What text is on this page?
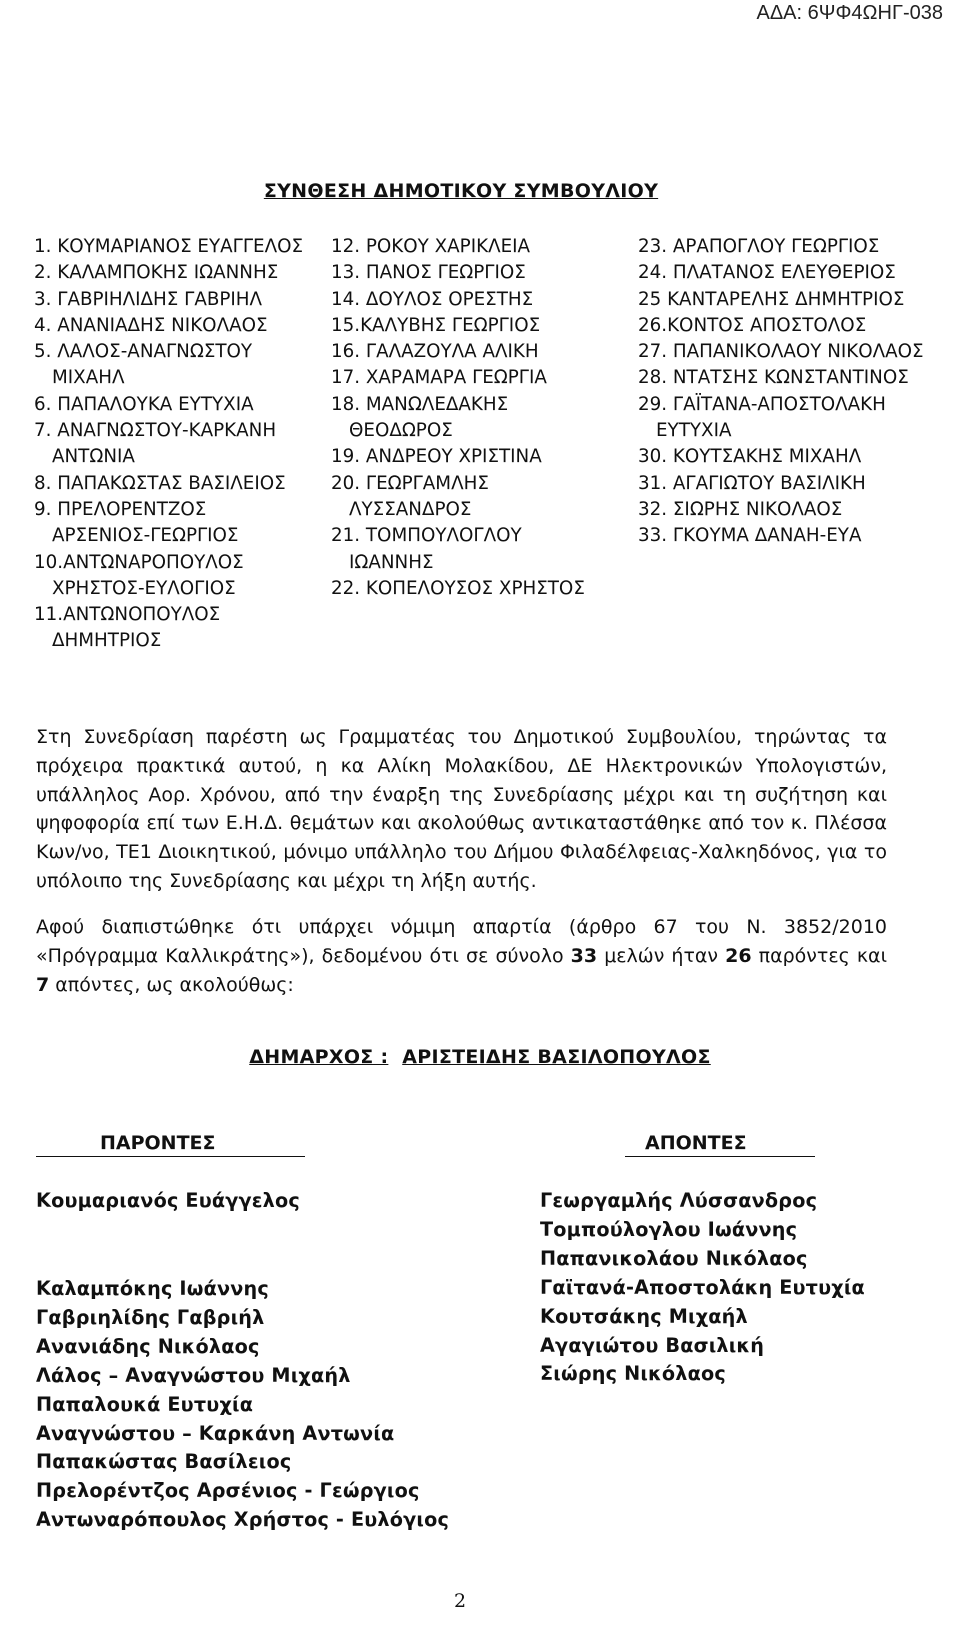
ΑΔΑ: 6ΨΦ4ΩΗΓ-038
ΣΥΝΘΕΣΗ ΔΗΜΟΤΙΚΟΥ ΣΥΜΒΟΥΛΙΟΥ
1. ΚΟΥΜΑΡΙΑΝΟΣ ΕΥΑΓΓΕΛΟΣ
2. ΚΑΛΑΜΠΟΚΗΣ ΙΩΑΝΝΗΣ
3. ΓΑΒΡΙΗΛΙΔΗΣ ΓΑΒΡΙΗΛ
4. ΑΝΑΝΙΑΔΗΣ ΝΙΚΟΛΑΟΣ
5. ΛΑΛΟΣ-ΑΝΑΓΝΩΣΤΟΥ
ΜΙΧΑΗΛ
6. ΠΑΠΑΛΟΥΚΑ ΕΥΤΥΧΙΑ
7. ΑΝΑΓΝΩΣΤΟΥ-ΚΑΡΚΑΝΗ
ΑΝΤΩΝΙΑ
8. ΠΑΠΑΚΩΣΤΑΣ ΒΑΣΙΛΕΙΟΣ
9. ΠΡΕΛΟΡΕΝΤΖΟΣ
ΑΡΣΕΝΙΟΣ-ΓΕΩΡΓΙΟΣ
10.ΑΝΤΩΝΑΡΟΠΟΥΛΟΣ
ΧΡΗΣΤΟΣ-ΕΥΛΟΓΙΟΣ
11.ΑΝΤΩΝΟΠΟΥΛΟΣ
ΔΗΜΗΤΡΙΟΣ
12. ΡΟΚΟΥ ΧΑΡΙΚΛΕΙΑ
13. ΠΑΝΟΣ ΓΕΩΡΓΙΟΣ
14. ΔΟΥΛΟΣ ΟΡΕΣΤΗΣ
15.ΚΑΛΥΒΗΣ ΓΕΩΡΓΙΟΣ
16. ΓΑΛΑΖΟΥΛΑ ΑΛΙΚΗ
17. ΧΑΡΑΜΑΡΑ ΓΕΩΡΓΙΑ
18. ΜΑΝΩΛΕΔΑΚΗΣ
ΘΕΟΔΩΡΟΣ
19. ΑΝΔΡΕΟΥ ΧΡΙΣΤΙΝΑ
20. ΓΕΩΡΓΑΜΛΗΣ
ΛΥΣΣΑΝΔΡΟΣ
21. ΤΟΜΠΟΥΛΟΓΛΟΥ
ΙΩΑΝΝΗΣ
22. ΚΟΠΕΛΟΥΣΟΣ ΧΡΗΣΤΟΣ
23. ΑΡΑΠΟΓΛΟΥ ΓΕΩΡΓΙΟΣ
24. ΠΛΑΤΑΝΟΣ ΕΛΕΥΘΕΡΙΟΣ
25 ΚΑΝΤΑΡΕΛΗΣ ΔΗΜΗΤΡΙΟΣ
26.ΚΟΝΤΟΣ ΑΠΟΣΤΟΛΟΣ
27. ΠΑΠΑΝΙΚΟΛΑΟΥ ΝΙΚΟΛΑΟΣ
28. ΝΤΑΤΣΗΣ ΚΩΝΣΤΑΝΤΙΝΟΣ
29. ΓΑΪΤΑΝΑ-ΑΠΟΣΤΟΛΑΚΗ
ΕΥΤΥΧΙΑ
30. ΚΟΥΤΣΑΚΗΣ ΜΙΧΑΗΛ
31. ΑΓΑΓΙΩΤΟΥ ΒΑΣΙΛΙΚΗ
32. ΣΙΩΡΗΣ ΝΙΚΟΛΑΟΣ
33. ΓΚΟΥΜΑ ΔΑΝΑΗ-ΕΥΑ
Στη Συνεδρίαση παρέστη ως Γραμματέας του Δημοτικού Συμβουλίου, τηρώντας τα πρόχειρα πρακτικά αυτού, η κα Αλίκη Μολακίδου, ΔΕ Ηλεκτρονικών Υπολογιστών, υπάλληλος Αορ. Χρόνου, από την έναρξη της Συνεδρίασης μέχρι και τη συζήτηση και ψηφοφορία επί των Ε.Η.Δ. θεμάτων και ακολούθως αντικαταστάθηκε από τον κ. Πλέσσα Κων/νο, ΤΕ1 Διοικητικού, μόνιμο υπάλληλο του Δήμου Φιλαδέλφειας-Χαλκηδόνος, για το υπόλοιπο της Συνεδρίασης και μέχρι τη λήξη αυτής.
Αφού διαπιστώθηκε ότι υπάρχει νόμιμη απαρτία (άρθρο 67 του Ν. 3852/2010 «Πρόγραμμα Καλλικράτης»), δεδομένου ότι σε σύνολο 33 μελών ήταν 26 παρόντες και 7 απόντες, ως ακολούθως:
ΔΗΜΑΡΧΟΣ : ΑΡΙΣΤΕΙΔΗΣ ΒΑΣΙΛΟΠΟΥΛΟΣ
ΠΑΡΟΝΤΕΣ	ΑΠΟΝΤΕΣ
Κουμαριανός Ευάγγελος
Καλαμπόκης Ιωάννης
Γαβριηλίδης Γαβριήλ
Ανανιάδης Νικόλαος
Λάλος – Αναγνώστου Μιχαήλ
Παπαλουκά Ευτυχία
Αναγνώστου – Καρκάνη Αντωνία
Παπακώστας Βασίλειος
Πρελορέντζος Αρσένιος - Γεώργιος
Αντωναρόπουλος Χρήστος - Ευλόγιος
Γεωργαμλής Λύσσανδρος
Τομπούλογλου Ιωάννης
Παπανικολάου Νικόλαος
Γαϊτανά-Αποστολάκη Ευτυχία
Κουτσάκης Μιχαήλ
Αγαγιώτου Βασιλική
Σιώρης Νικόλαος
2
